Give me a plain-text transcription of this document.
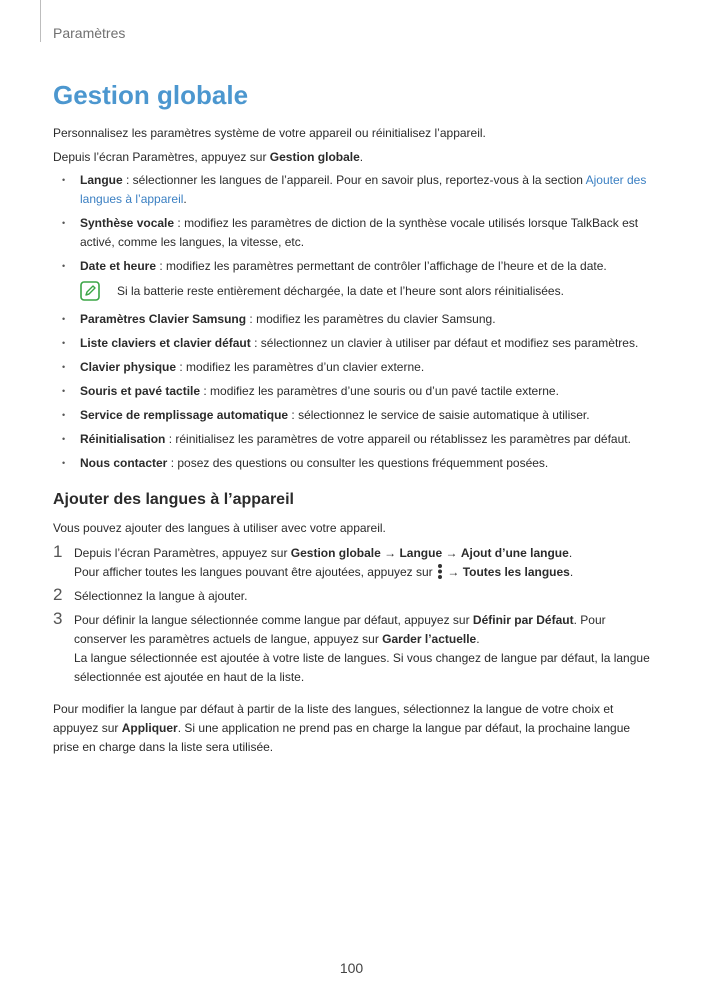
Paramètres
Gestion globale

Personnalisez les paramètres système de votre appareil ou réinitialisez l’appareil.

Depuis l’écran Paramètres, appuyez sur Gestion globale.

• Langue : sélectionner les langues de l’appareil. Pour en savoir plus, reportez-vous à la section Ajouter des langues à l’appareil.
• Synthèse vocale : modifiez les paramètres de diction de la synthèse vocale utilisés lorsque TalkBack est activé, comme les langues, la vitesse, etc.
• Date et heure : modifiez les paramètres permettant de contrôler l’affichage de l’heure et de la date.
Si la batterie reste entièrement déchargée, la date et l’heure sont alors réinitialisées.
• Paramètres Clavier Samsung : modifiez les paramètres du clavier Samsung.
• Liste claviers et clavier défaut : sélectionnez un clavier à utiliser par défaut et modifiez ses paramètres.
• Clavier physique : modifiez les paramètres d’un clavier externe.
• Souris et pavé tactile : modifiez les paramètres d’une souris ou d’un pavé tactile externe.
• Service de remplissage automatique : sélectionnez le service de saisie automatique à utiliser.
• Réinitialisation : réinitialisez les paramètres de votre appareil ou rétablissez les paramètres par défaut.
• Nous contacter : posez des questions ou consulter les questions fréquemment posées.
Ajouter des langues à l’appareil

Vous pouvez ajouter des langues à utiliser avec votre appareil.

1 Depuis l’écran Paramètres, appuyez sur Gestion globale → Langue → Ajout d’une langue.
Pour afficher toutes les langues pouvant être ajoutées, appuyez sur  → Toutes les langues.
2 Sélectionnez la langue à ajouter.
3 Pour définir la langue sélectionnée comme langue par défaut, appuyez sur Définir par Défaut. Pour conserver les paramètres actuels de langue, appuyez sur Garder l’actuelle.
La langue sélectionnée est ajoutée à votre liste de langues. Si vous changez de langue par défaut, la langue sélectionnée est ajoutée en haut de la liste.

Pour modifier la langue par défaut à partir de la liste des langues, sélectionnez la langue de votre choix et appuyez sur Appliquer. Si une application ne prend pas en charge la langue par défaut, la prochaine langue prise en charge dans la liste sera utilisée.

100
